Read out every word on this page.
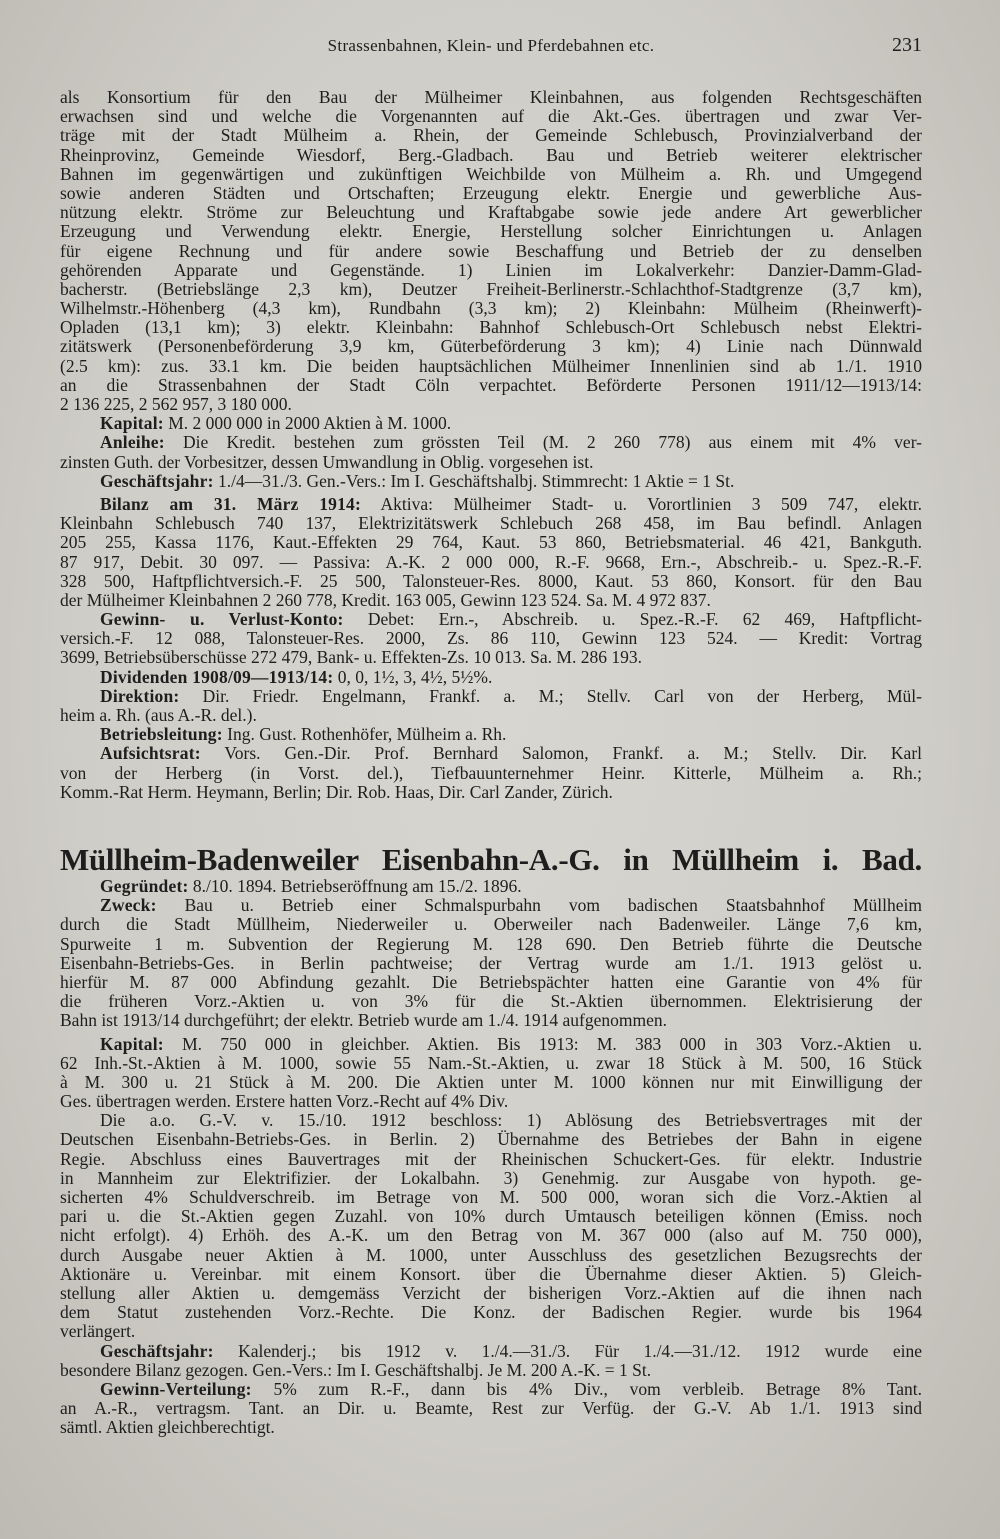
Strassenbahnen, Klein- und Pferdebahnen etc.	231
als Konsortium für den Bau der Mülheimer Kleinbahnen, aus folgenden Rechtsgeschäften
erwachsen sind und welche die Vorgenannten auf die Akt.-Ges. übertragen und zwar Ver-
träge mit der Stadt Mülheim a. Rhein, der Gemeinde Schlebusch, Provinzialverband der
Rheinprovinz, Gemeinde Wiesdorf, Berg.-Gladbach. Bau und Betrieb weiterer elektrischer
Bahnen im gegenwärtigen und zukünftigen Weichbilde von Mülheim a. Rh. und Umgegend
sowie anderen Städten und Ortschaften; Erzeugung elektr. Energie und gewerbliche Aus-
nützung elektr. Ströme zur Beleuchtung und Kraftabgabe sowie jede andere Art gewerblicher
Erzeugung und Verwendung elektr. Energie, Herstellung solcher Einrichtungen u. Anlagen
für eigene Rechnung und für andere sowie Beschaffung und Betrieb der zu denselben
gehörenden Apparate und Gegenstände. 1) Linien im Lokalverkehr: Danzier-Damm-Glad-
bacherstr. (Betriebslänge 2,3 km), Deutzer Freiheit-Berlinerstr.-Schlachthof-Stadtgrenze (3,7 km),
Wilhelmstr.-Höhenberg (4,3 km), Rundbahn (3,3 km); 2) Kleinbahn: Mülheim (Rheinwerft)-
Opladen (13,1 km); 3) elektr. Kleinbahn: Bahnhof Schlebusch-Ort Schlebusch nebst Elektri-
zitätswerk (Personenbeförderung 3,9 km, Güterbeförderung 3 km); 4) Linie nach Dünnwald
(2.5 km): zus. 33.1 km. Die beiden hauptsächlichen Mülheimer Innenlinien sind ab 1./1. 1910
an die Strassenbahnen der Stadt Cöln verpachtet. Beförderte Personen 1911/12—1913/14:
2 136 225, 2 562 957, 3 180 000.
Kapital: M. 2 000 000 in 2000 Aktien à M. 1000.
Anleihe: Die Kredit. bestehen zum grössten Teil (M. 2 260 778) aus einem mit 4% ver-
zinsten Guth. der Vorbesitzer, dessen Umwandlung in Oblig. vorgesehen ist.
Geschäftsjahr: 1./4—31./3. Gen.-Vers.: Im I. Geschäftshalbj. Stimmrecht: 1 Aktie = 1 St.
Bilanz am 31. März 1914: Aktiva: Mülheimer Stadt- u. Vorortlinien 3 509 747, elektr.
Kleinbahn Schlebusch 740 137, Elektrizitätswerk Schlebuch 268 458, im Bau befindl. Anlagen
205 255, Kassa 1176, Kaut.-Effekten 29 764, Kaut. 53 860, Betriebsmaterial. 46 421, Bankguth.
87 917, Debit. 30 097. — Passiva: A.-K. 2 000 000, R.-F. 9668, Ern.-, Abschreib.- u. Spez.-R.-F.
328 500, Haftpflichtversich.-F. 25 500, Talonsteuer-Res. 8000, Kaut. 53 860, Konsort. für den Bau
der Mülheimer Kleinbahnen 2 260 778, Kredit. 163 005, Gewinn 123 524. Sa. M. 4 972 837.
Gewinn- u. Verlust-Konto: Debet: Ern.-, Abschreib. u. Spez.-R.-F. 62 469, Haftpflicht-
versich.-F. 12 088, Talonsteuer-Res. 2000, Zs. 86 110, Gewinn 123 524. — Kredit: Vortrag
3699, Betriebsüberschüsse 272 479, Bank- u. Effekten-Zs. 10 013. Sa. M. 286 193.
Dividenden 1908/09—1913/14: 0, 0, 1½, 3, 4½, 5½%.
Direktion: Dir. Friedr. Engelmann, Frankf. a. M.; Stellv. Carl von der Herberg, Mül-
heim a. Rh. (aus A.-R. del.).
Betriebsleitung: Ing. Gust. Rothenhöfer, Mülheim a. Rh.
Aufsichtsrat: Vors. Gen.-Dir. Prof. Bernhard Salomon, Frankf. a. M.; Stellv. Dir. Karl
von der Herberg (in Vorst. del.), Tiefbauunternehmer Heinr. Kitterle, Mülheim a. Rh.;
Komm.-Rat Herm. Heymann, Berlin; Dir. Rob. Haas, Dir. Carl Zander, Zürich.
Müllheim-Badenweiler Eisenbahn-A.-G. in Müllheim i. Bad.
Gegründet: 8./10. 1894. Betriebseröffnung am 15./2. 1896.
Zweck: Bau u. Betrieb einer Schmalspurbahn vom badischen Staatsbahnhof Müllheim
durch die Stadt Müllheim, Niederweiler u. Oberweiler nach Badenweiler. Länge 7,6 km,
Spurweite 1 m. Subvention der Regierung M. 128 690. Den Betrieb führte die Deutsche
Eisenbahn-Betriebs-Ges. in Berlin pachtweise; der Vertrag wurde am 1./1. 1913 gelöst u.
hierfür M. 87 000 Abfindung gezahlt. Die Betriebspächter hatten eine Garantie von 4% für
die früheren Vorz.-Aktien u. von 3% für die St.-Aktien übernommen. Elektrisierung der
Bahn ist 1913/14 durchgeführt; der elektr. Betrieb wurde am 1./4. 1914 aufgenommen.
Kapital: M. 750 000 in gleichber. Aktien. Bis 1913: M. 383 000 in 303 Vorz.-Aktien u.
62 Inh.-St.-Aktien à M. 1000, sowie 55 Nam.-St.-Aktien, u. zwar 18 Stück à M. 500, 16 Stück
à M. 300 u. 21 Stück à M. 200. Die Aktien unter M. 1000 können nur mit Einwilligung der
Ges. übertragen werden. Erstere hatten Vorz.-Recht auf 4% Div.
Die a.o. G.-V. v. 15./10. 1912 beschloss: 1) Ablösung des Betriebsvertrages mit der
Deutschen Eisenbahn-Betriebs-Ges. in Berlin. 2) Übernahme des Betriebes der Bahn in eigene
Regie. Abschluss eines Bauvertrages mit der Rheinischen Schuckert-Ges. für elektr. Industrie
in Mannheim zur Elektrifizier. der Lokalbahn. 3) Genehmig. zur Ausgabe von hypoth. ge-
sicherten 4% Schuldverschreib. im Betrage von M. 500 000, woran sich die Vorz.-Aktien al
pari u. die St.-Aktien gegen Zuzahl. von 10% durch Umtausch beteiligen können (Emiss. noch
nicht erfolgt). 4) Erhöh. des A.-K. um den Betrag von M. 367 000 (also auf M. 750 000),
durch Ausgabe neuer Aktien à M. 1000, unter Ausschluss des gesetzlichen Bezugsrechts der
Aktionäre u. Vereinbar. mit einem Konsort. über die Übernahme dieser Aktien. 5) Gleich-
stellung aller Aktien u. demgemäss Verzicht der bisherigen Vorz.-Aktien auf die ihnen nach
dem Statut zustehenden Vorz.-Rechte. Die Konz. der Badischen Regier. wurde bis 1964
verlängert.
Geschäftsjahr: Kalenderj.; bis 1912 v. 1./4.—31./3. Für 1./4.—31./12. 1912 wurde eine
besondere Bilanz gezogen. Gen.-Vers.: Im I. Geschäftshalbj. Je M. 200 A.-K. = 1 St.
Gewinn-Verteilung: 5% zum R.-F., dann bis 4% Div., vom verbleib. Betrage 8% Tant.
an A.-R., vertragsm. Tant. an Dir. u. Beamte, Rest zur Verfüg. der G.-V. Ab 1./1. 1913 sind
sämtl. Aktien gleichberechtigt.
